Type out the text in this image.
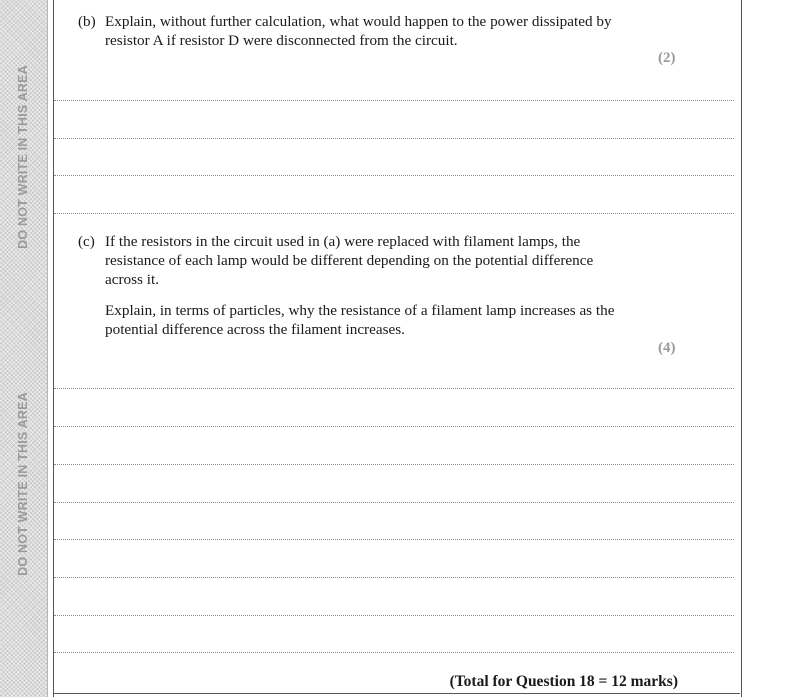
DO NOT WRITE IN THIS AREA
DO NOT WRITE IN THIS AREA
(b) Explain, without further calculation, what would happen to the power dissipated by
resistor A if resistor D were disconnected from the circuit.
(2)
(c) If the resistors in the circuit used in (a) were replaced with filament lamps, the
resistance of each lamp would be different depending on the potential difference
across it.
Explain, in terms of particles, why the resistance of a filament lamp increases as the
potential difference across the filament increases.
(4)
(Total for Question 18 = 12 marks)
